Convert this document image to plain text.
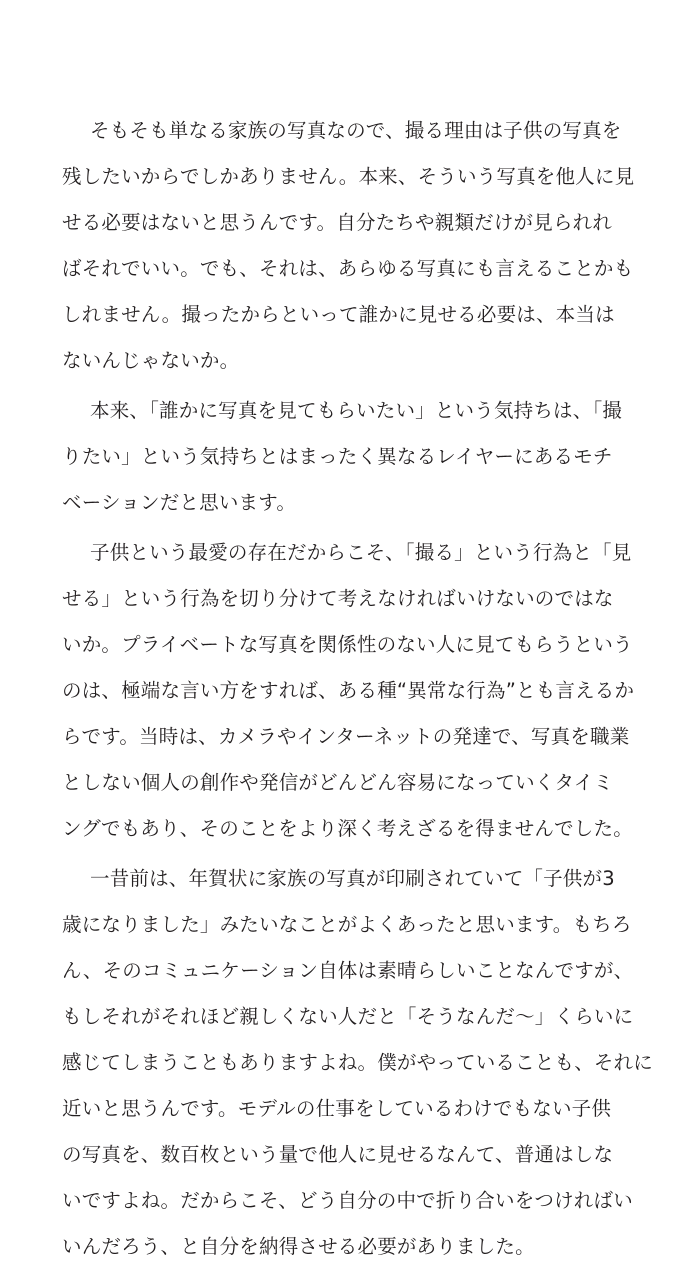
そもそも単なる家族の写真なので、撮る理由は子供の写真を
残したいからでしかありません。本来、そういう写真を他人に見
せる必要はないと思うんです。自分たちや親類だけが見られれ
ばそれでいい。でも、それは、あらゆる写真にも言えることかも
しれません。撮ったからといって誰かに見せる必要は、本当は
ないんじゃないか。

本来、「誰かに写真を見てもらいたい」という気持ちは、「撮
りたい」という気持ちとはまったく異なるレイヤーにあるモチ
ベーションだと思います。

子供という最愛の存在だからこそ、「撮る」という行為と「見
せる」という行為を切り分けて考えなければいけないのではな
いか。プライベートな写真を関係性のない人に見てもらうという
のは、極端な言い方をすれば、ある種“異常な行為”とも言えるか
らです。当時は、カメラやインターネットの発達で、写真を職業
としない個人の創作や発信がどんどん容易になっていくタイミ
ングでもあり、そのことをより深く考えざるを得ませんでした。

一昔前は、年賀状に家族の写真が印刷されていて「子供が3
歳になりました」みたいなことがよくあったと思います。もちろ
ん、そのコミュニケーション自体は素晴らしいことなんですが、
もしそれがそれほど親しくない人だと「そうなんだ〜」くらいに
感じてしまうこともありますよね。僕がやっていることも、それに
近いと思うんです。モデルの仕事をしているわけでもない子供
の写真を、数百枚という量で他人に見せるなんて、普通はしな
いですよね。だからこそ、どう自分の中で折り合いをつければい
いんだろう、と自分を納得させる必要がありました。
